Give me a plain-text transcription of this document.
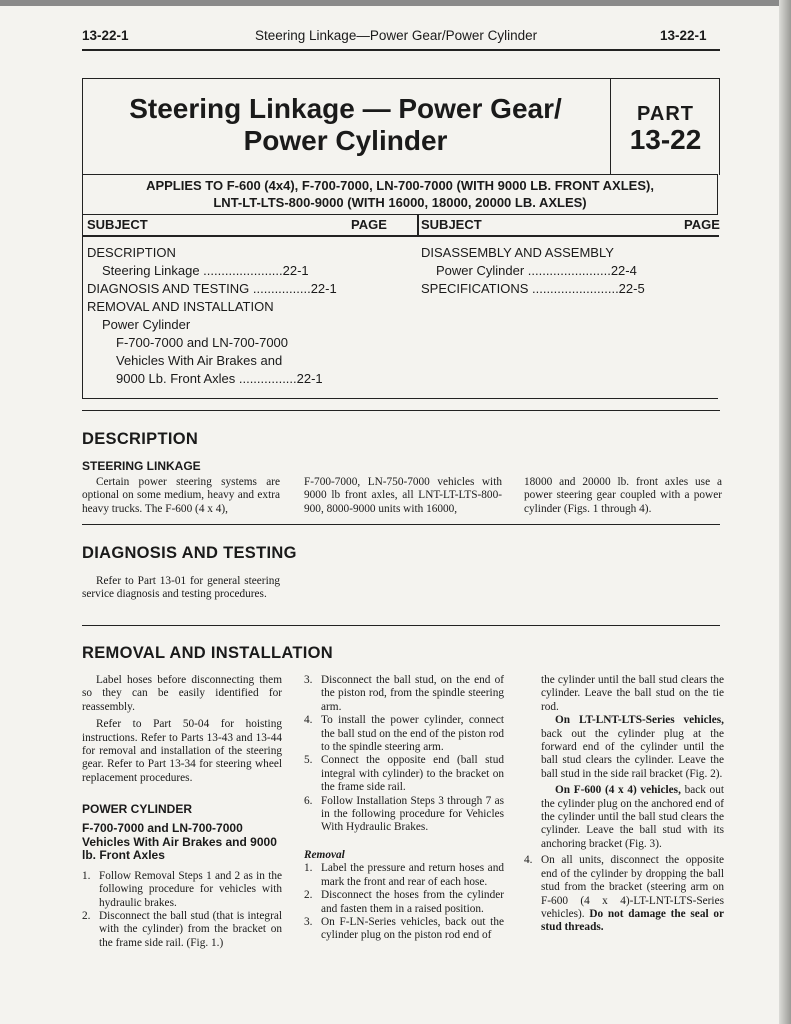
13-22-1	Steering Linkage—Power Gear/Power Cylinder	13-22-1
Steering Linkage — Power Gear/
Power Cylinder
PART
13-22
APPLIES TO F-600 (4x4), F-700-7000, LN-700-7000 (WITH 9000 LB. FRONT AXLES),
LNT-LT-LTS-800-9000 (WITH 16000, 18000, 20000 LB. AXLES)
SUBJECT	PAGE	SUBJECT	PAGE
DESCRIPTION
Steering Linkage ......................22-1
DIAGNOSIS AND TESTING ................22-1
REMOVAL AND INSTALLATION
Power Cylinder
F-700-7000 and LN-700-7000
Vehicles With Air Brakes and
9000 Lb. Front Axles ................22-1
DISASSEMBLY AND ASSEMBLY
Power Cylinder .......................22-4
SPECIFICATIONS ........................22-5
DESCRIPTION
STEERING LINKAGE

Certain power steering systems are optional on some medium, heavy and extra heavy trucks. The F-600 (4 x 4),

F-700-7000, LN-750-7000 vehicles with 9000 lb front axles, all LNT-LT-LTS-800-900, 8000-9000 units with 16000,

18000 and 20000 lb. front axles use a power steering gear coupled with a power cylinder (Figs. 1 through 4).

DIAGNOSIS AND TESTING

Refer to Part 13-01 for general steering service diagnosis and testing procedures.

REMOVAL AND INSTALLATION

Label hoses before disconnecting them so they can be easily identified for reassembly.

Refer to Part 50-04 for hoisting instructions. Refer to Parts 13-43 and 13-44 for removal and installation of the steering gear. Refer to Part 13-34 for steering wheel replacement procedures.

POWER CYLINDER
F-700-7000 and LN-700-7000 Vehicles With Air Brakes and 9000 lb. Front Axles
1. Follow Removal Steps 1 and 2 as in the following procedure for vehicles with hydraulic brakes.
2. Disconnect the ball stud (that is integral with the cylinder) from the bracket on the frame side rail. (Fig. 1.)
3. Disconnect the ball stud, on the end of the piston rod, from the spindle steering arm.
4. To install the power cylinder, connect the ball stud on the end of the piston rod to the spindle steering arm.
5. Connect the opposite end (ball stud integral with cylinder) to the bracket on the frame side rail.
6. Follow Installation Steps 3 through 7 as in the following procedure for Vehicles With Hydraulic Brakes.
Removal
1. Label the pressure and return hoses and mark the front and rear of each hose.
2. Disconnect the hoses from the cylinder and fasten them in a raised position.
3. On F-LN-Series vehicles, back out the cylinder plug on the piston rod end of

the cylinder until the ball stud clears the cylinder. Leave the ball stud on the tie rod.

On LT-LNT-LTS-Series vehicles, back out the cylinder plug at the forward end of the cylinder until the ball stud clears the cylinder. Leave the ball stud in the side rail bracket (Fig. 2).

On F-600 (4 x 4) vehicles, back out the cylinder plug on the anchored end of the cylinder until the ball stud clears the cylinder. Leave the ball stud with its anchoring bracket (Fig. 3).

4. On all units, disconnect the opposite end of the cylinder by dropping the ball stud from the bracket (steering arm on F-600 (4 x 4)-LT-LNT-LTS-Series vehicles). Do not damage the seal or stud threads.
